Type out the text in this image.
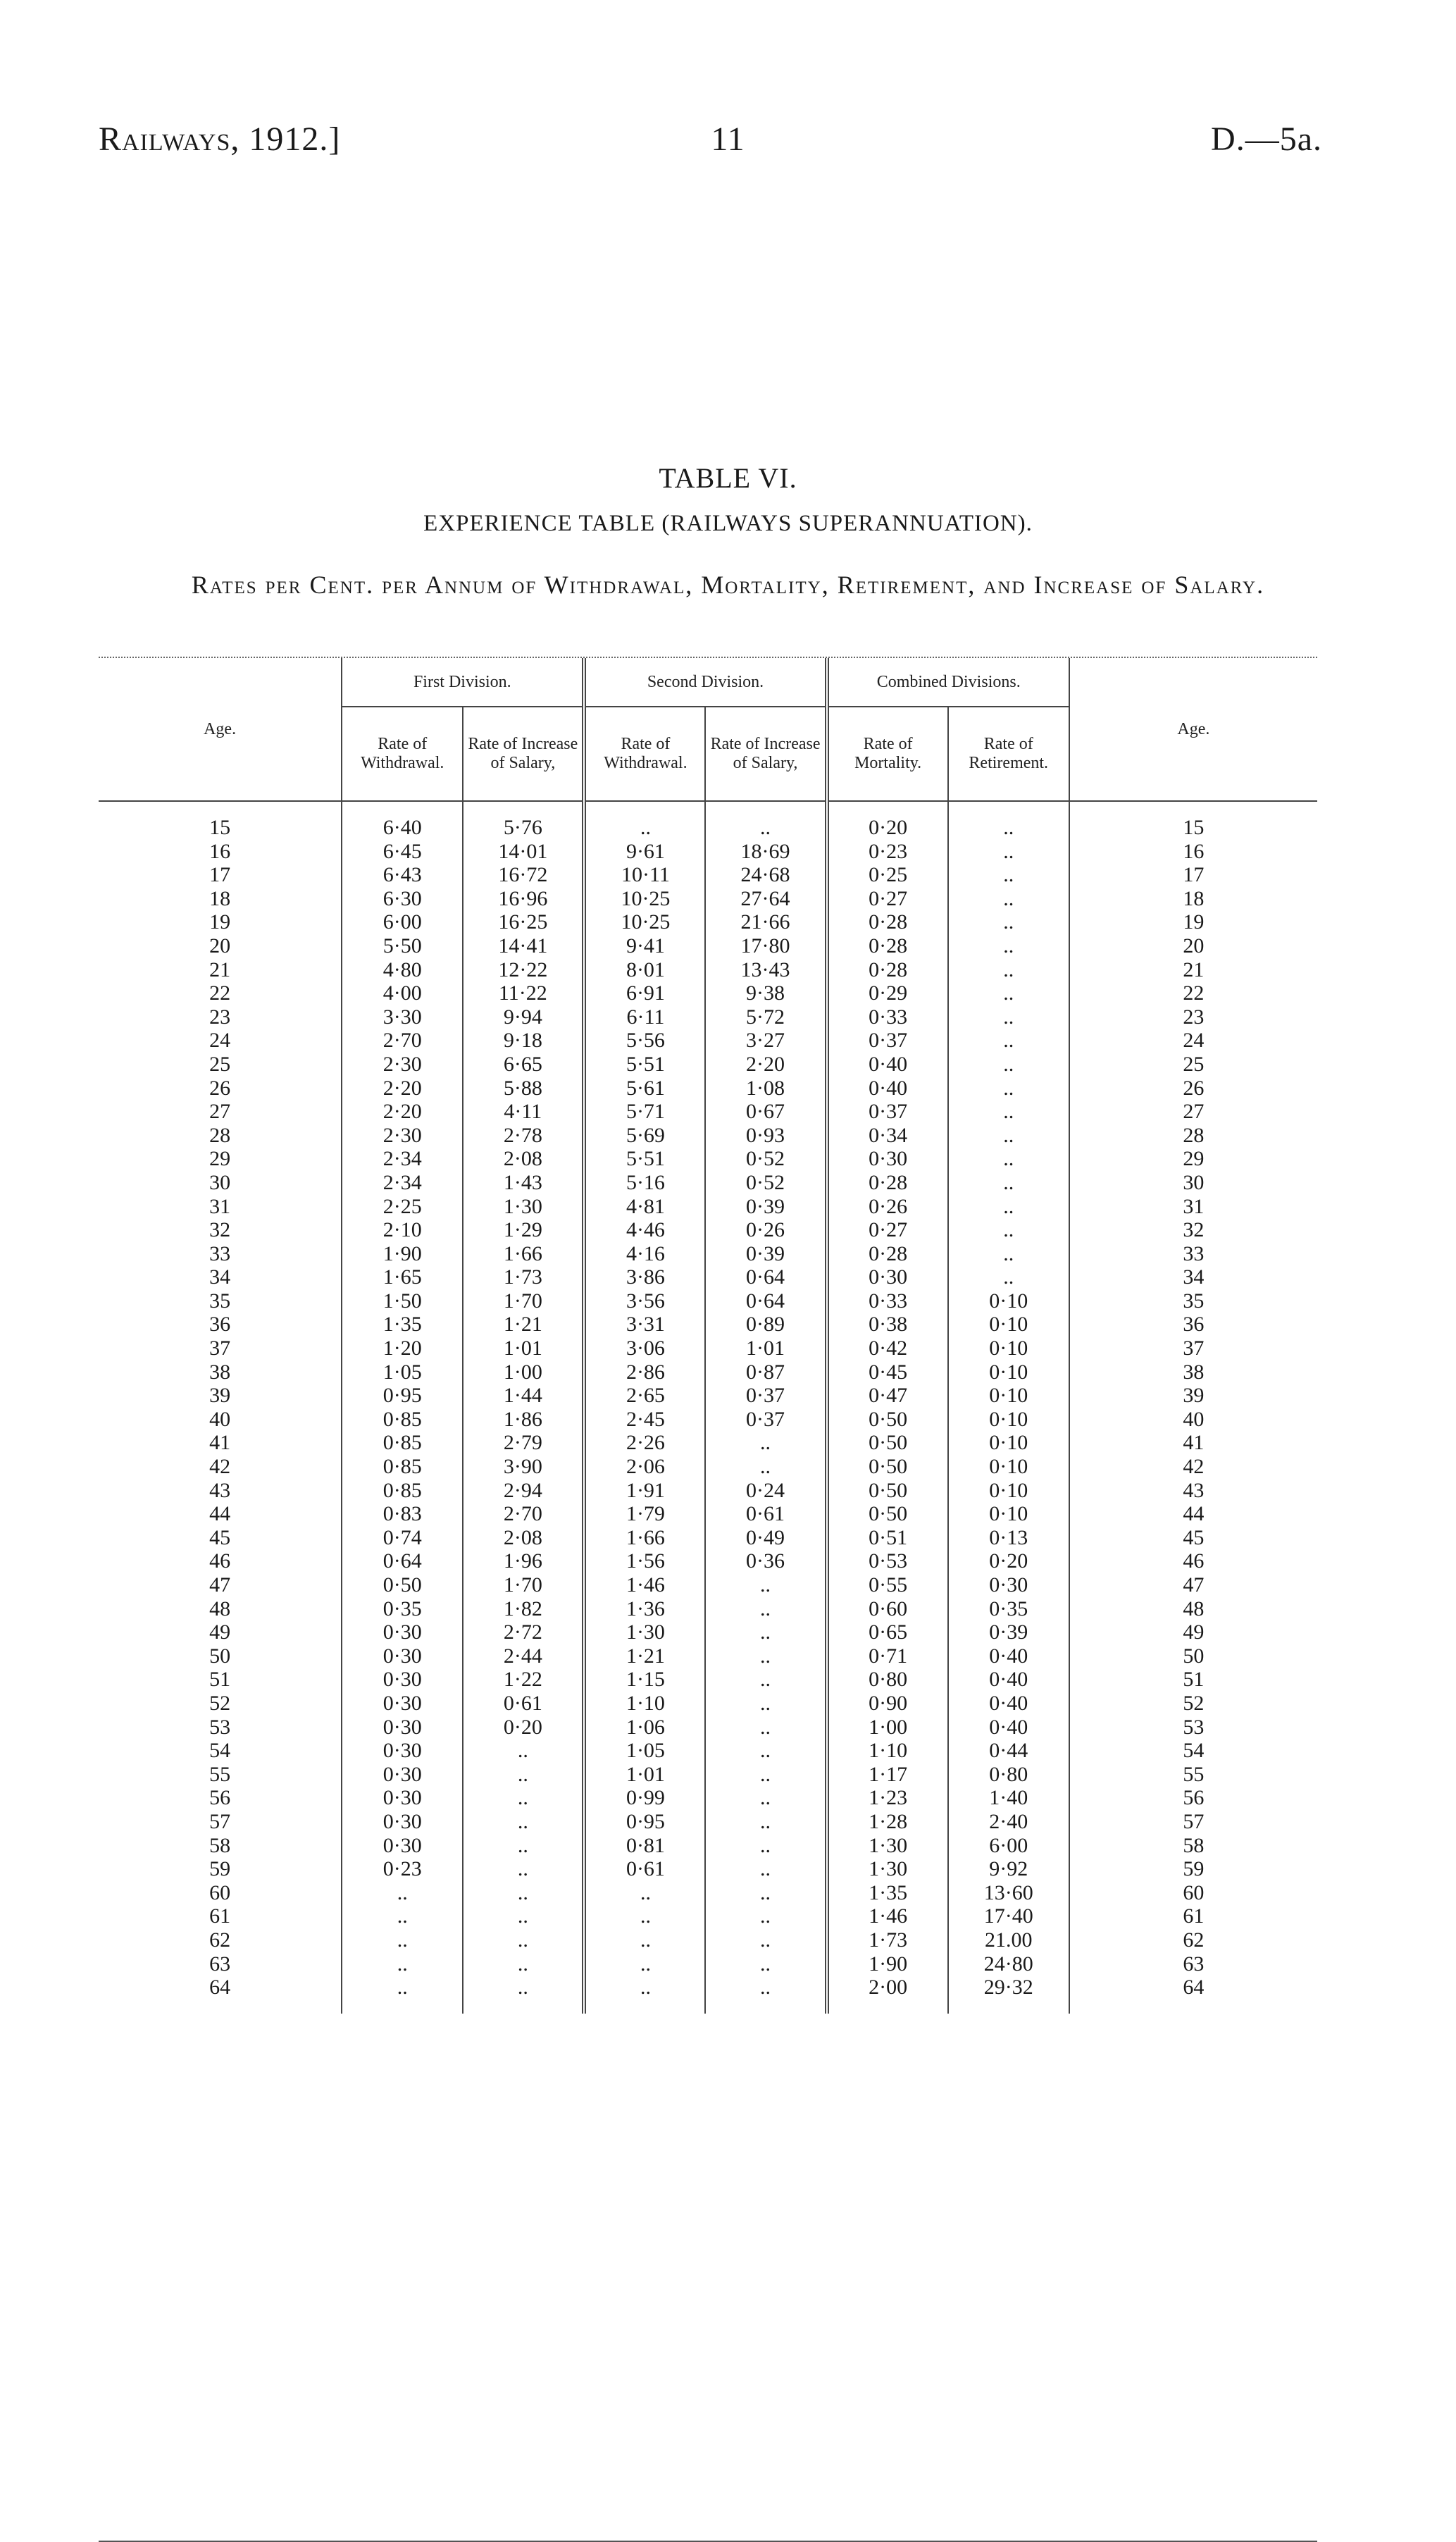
Railways, 1912.]	11	D.—5a.
TABLE VI.
EXPERIENCE TABLE (RAILWAYS SUPERANNUATION).
Rates per Cent. per Annum of Withdrawal, Mortality, Retirement, and Increase of Salary.
Age.	First Division.		Second Division.		Combined Divisions.		Age.
	Rate of Withdrawal.	Rate of Increase of Salary,	Rate of Withdrawal.	Rate of Increase of Salary,	Rate of Mortality.	Rate of Retirement.	

15	6·40	5·76	..	..	0·20	..	15
16	6·45	14·01	9·61	18·69	0·23	..	16
17	6·43	16·72	10·11	24·68	0·25	..	17
18	6·30	16·96	10·25	27·64	0·27	..	18
19	6·00	16·25	10·25	21·66	0·28	..	19
20	5·50	14·41	9·41	17·80	0·28	..	20
21	4·80	12·22	8·01	13·43	0·28	..	21
22	4·00	11·22	6·91	9·38	0·29	..	22
23	3·30	9·94	6·11	5·72	0·33	..	23
24	2·70	9·18	5·56	3·27	0·37	..	24
25	2·30	6·65	5·51	2·20	0·40	..	25
26	2·20	5·88	5·61	1·08	0·40	..	26
27	2·20	4·11	5·71	0·67	0·37	..	27
28	2·30	2·78	5·69	0·93	0·34	..	28
29	2·34	2·08	5·51	0·52	0·30	..	29
30	2·34	1·43	5·16	0·52	0·28	..	30
31	2·25	1·30	4·81	0·39	0·26	..	31
32	2·10	1·29	4·46	0·26	0·27	..	32
33	1·90	1·66	4·16	0·39	0·28	..	33
34	1·65	1·73	3·86	0·64	0·30	..	34
35	1·50	1·70	3·56	0·64	0·33	0·10	35
36	1·35	1·21	3·31	0·89	0·38	0·10	36
37	1·20	1·01	3·06	1·01	0·42	0·10	37
38	1·05	1·00	2·86	0·87	0·45	0·10	38
39	0·95	1·44	2·65	0·37	0·47	0·10	39
40	0·85	1·86	2·45	0·37	0·50	0·10	40
41	0·85	2·79	2·26	..	0·50	0·10	41
42	0·85	3·90	2·06	..	0·50	0·10	42
43	0·85	2·94	1·91	0·24	0·50	0·10	43
44	0·83	2·70	1·79	0·61	0·50	0·10	44
45	0·74	2·08	1·66	0·49	0·51	0·13	45
46	0·64	1·96	1·56	0·36	0·53	0·20	46
47	0·50	1·70	1·46	..	0·55	0·30	47
48	0·35	1·82	1·36	..	0·60	0·35	48
49	0·30	2·72	1·30	..	0·65	0·39	49
50	0·30	2·44	1·21	..	0·71	0·40	50
51	0·30	1·22	1·15	..	0·80	0·40	51
52	0·30	0·61	1·10	..	0·90	0·40	52
53	0·30	0·20	1·06	..	1·00	0·40	53
54	0·30	..	1·05	..	1·10	0·44	54
55	0·30	..	1·01	..	1·17	0·80	55
56	0·30	..	0·99	..	1·23	1·40	56
57	0·30	..	0·95	..	1·28	2·40	57
58	0·30	..	0·81	..	1·30	6·00	58
59	0·23	..	0·61	..	1·30	9·92	59
60	..	..	..	..	1·35	13·60	60
61	..	..	..	..	1·46	17·40	61
62	..	..	..	..	1·73	21.00	62
63	..	..	..	..	1·90	24·80	63
64	..	..	..	..	2·00	29·32	64
